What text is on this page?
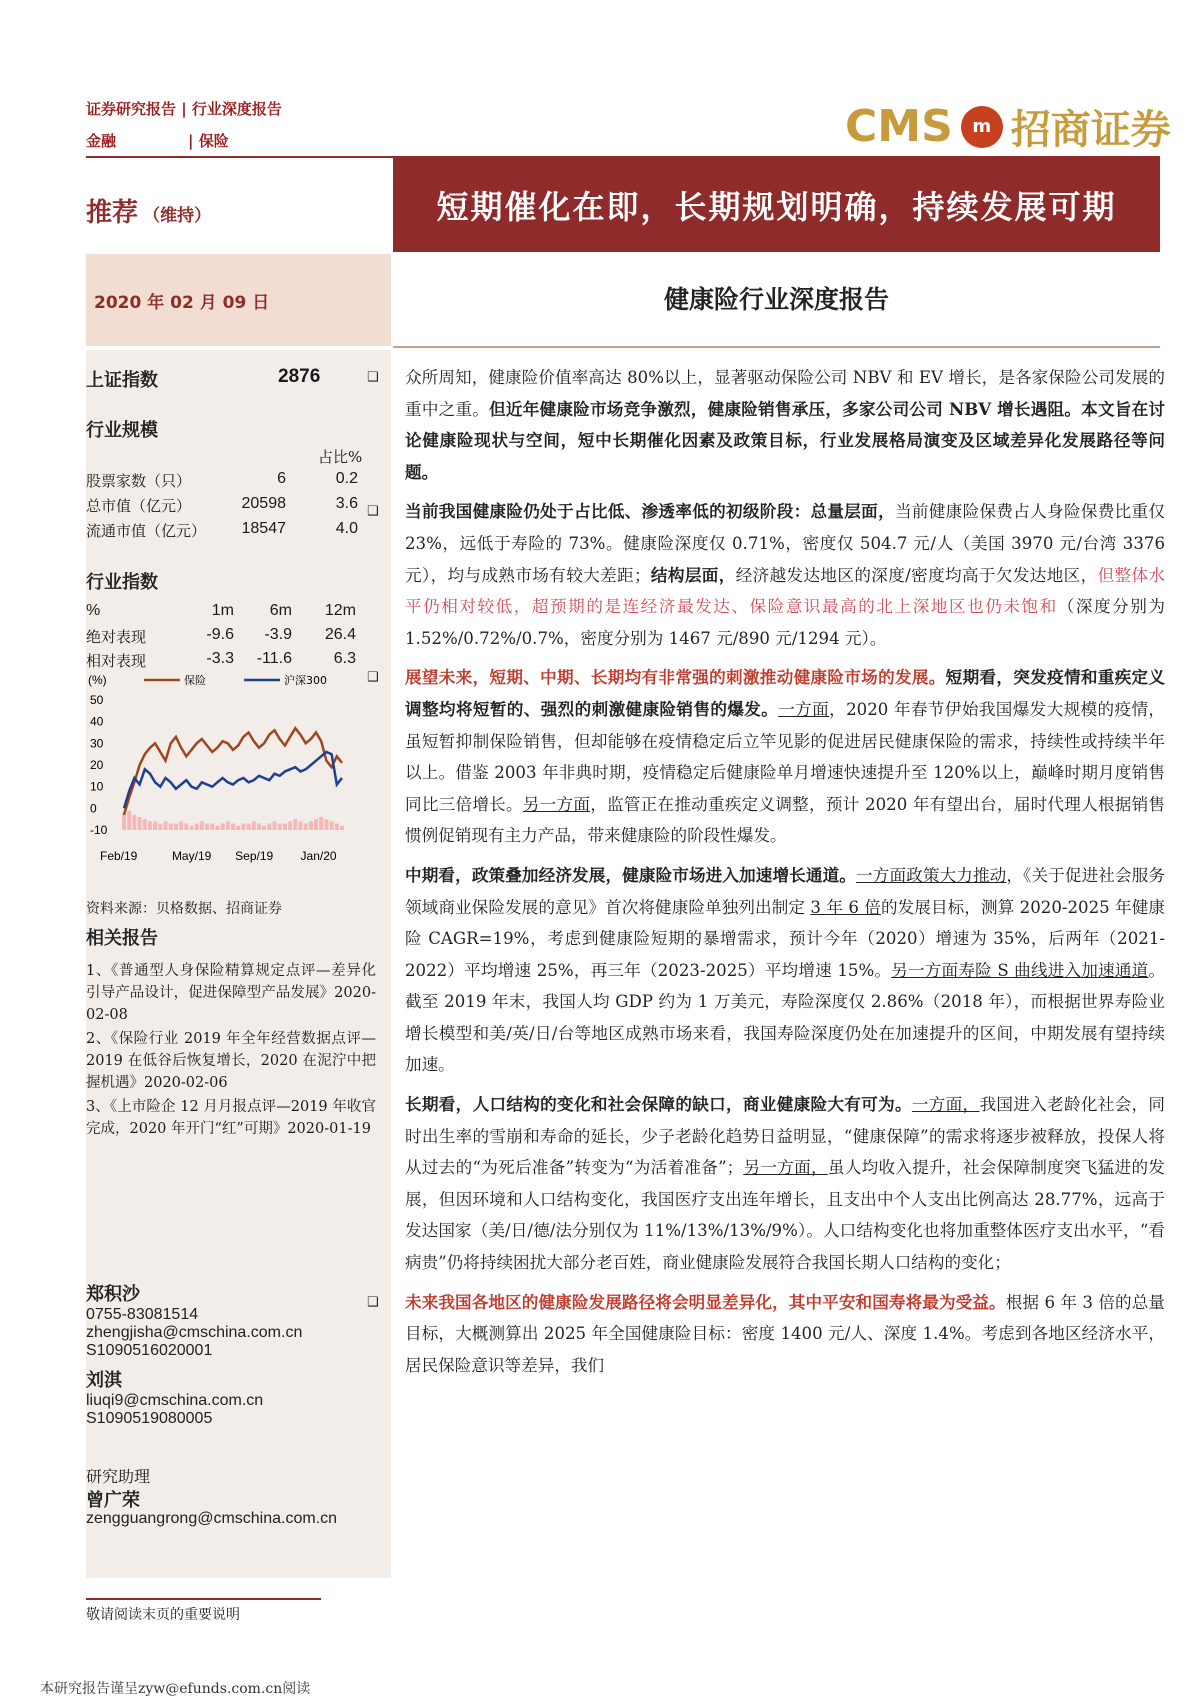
证券研究报告 | 行业深度报告
金融	| 保险	CMS	m 招商证券
推荐 （维持）	短期催化在即，长期规划明确，持续发展可期
2020 年 02 月 09 日	健康险行业深度报告
上证指数	2876
行业规模
占比%
股票家数（只）	6	0.2
总市值（亿元）	20598	3.6
流通市值（亿元）	18547	4.0
行业指数
%	1m	6m	12m
绝对表现	-9.6	-3.9	26.4
相对表现	-3.3	-11.6	6.3
(%)	保险	沪深300
50
40
30
20
10
0
-10
Feb/19	May/19 Sep/19 Jan/20
资料来源：贝格数据、招商证券
相关报告
1、《普通型人身保险精算规定点评—差异化引导产品设计，促进保障型产品发展》2020-02-08
2、《保险行业 2019 年全年经营数据点评—2019 在低谷后恢复增长，2020 在泥泞中把握机遇》2020-02-06
3、《上市险企 12 月月报点评—2019 年收官完成，2020 年开门“红”可期》2020-01-19
郑积沙
0755-83081514
zhengjisha@cmschina.com.cn
S1090516020001
刘淇
liuqi9@cmschina.com.cn
S1090519080005
研究助理
曾广荣
zengguangrong@cmschina.com.cn
❑ 众所周知，健康险价值率高达 80%以上，显著驱动保险公司 NBV 和 EV 增长，是各家保险公司发展的重中之重。但近年健康险市场竞争激烈，健康险销售承压，多家公司公司 NBV 增长遇阻。本文旨在讨论健康险现状与空间，短中长期催化因素及政策目标，行业发展格局演变及区域差异化发展路径等问题。
❑ 当前我国健康险仍处于占比低、渗透率低的初级阶段：总量层面，当前健康险保费占人身险保费比重仅 23%，远低于寿险的 73%。健康险深度仅 0.71%，密度仅 504.7 元/人（美国 3970 元/台湾 3376 元），均与成熟市场有较大差距；结构层面，经济越发达地区的深度/密度均高于欠发达地区，但整体水平仍相对较低，超预期的是连经济最发达、保险意识最高的北上深地区也仍未饱和（深度分别为 1.52%/0.72%/0.7%，密度分别为 1467 元/890 元/1294 元）。
❑ 展望未来，短期、中期、长期均有非常强的刺激推动健康险市场的发展。短期看，突发疫情和重疾定义调整均将短暂的、强烈的刺激健康险销售的爆发。一方面，2020 年春节伊始我国爆发大规模的疫情，虽短暂抑制保险销售，但却能够在疫情稳定后立竿见影的促进居民健康保险的需求，持续性或持续半年以上。借鉴 2003 年非典时期，疫情稳定后健康险单月增速快速提升至 120%以上，巅峰时期月度销售同比三倍增长。另一方面，监管正在推动重疾定义调整，预计 2020 年有望出台，届时代理人根据销售惯例促销现有主力产品，带来健康险的阶段性爆发。
中期看，政策叠加经济发展，健康险市场进入加速增长通道。一方面政策大力推动，《关于促进社会服务领域商业保险发展的意见》首次将健康险单独列出制定 3 年 6 倍的发展目标，测算 2020-2025 年健康险 CAGR=19%，考虑到健康险短期的暴增需求，预计今年（2020）增速为 35%，后两年（2021-2022）平均增速 25%，再三年（2023-2025）平均增速 15%。另一方面寿险 S 曲线进入加速通道。截至 2019 年末，我国人均 GDP 约为 1 万美元，寿险深度仅 2.86%（2018 年），而根据世界寿险业增长模型和美/英/日/台等地区成熟市场来看，我国寿险深度仍处在加速提升的区间，中期发展有望持续加速。
长期看，人口结构的变化和社会保障的缺口，商业健康险大有可为。一方面，我国进入老龄化社会，同时出生率的雪崩和寿命的延长，少子老龄化趋势日益明显，“健康保障”的需求将逐步被释放，投保人将从过去的“为死后准备”转变为“为活着准备”；另一方面，虽人均收入提升，社会保障制度突飞猛进的发展，但因环境和人口结构变化，我国医疗支出连年增长，且支出中个人支出比例高达 28.77%，远高于发达国家（美/日/德/法分别仅为 11%/13%/13%/9%）。人口结构变化也将加重整体医疗支出水平，“看病贵”仍将持续困扰大部分老百姓，商业健康险发展符合我国长期人口结构的变化；
❑ 未来我国各地区的健康险发展路径将会明显差异化，其中平安和国寿将最为受益。根据 6 年 3 倍的总量目标，大概测算出 2025 年全国健康险目标：密度 1400 元/人、深度 1.4%。考虑到各地区经济水平，居民保险意识等差异，我们
敬请阅读末页的重要说明
本研究报告谨呈zyw@efunds.com.cn阅读
